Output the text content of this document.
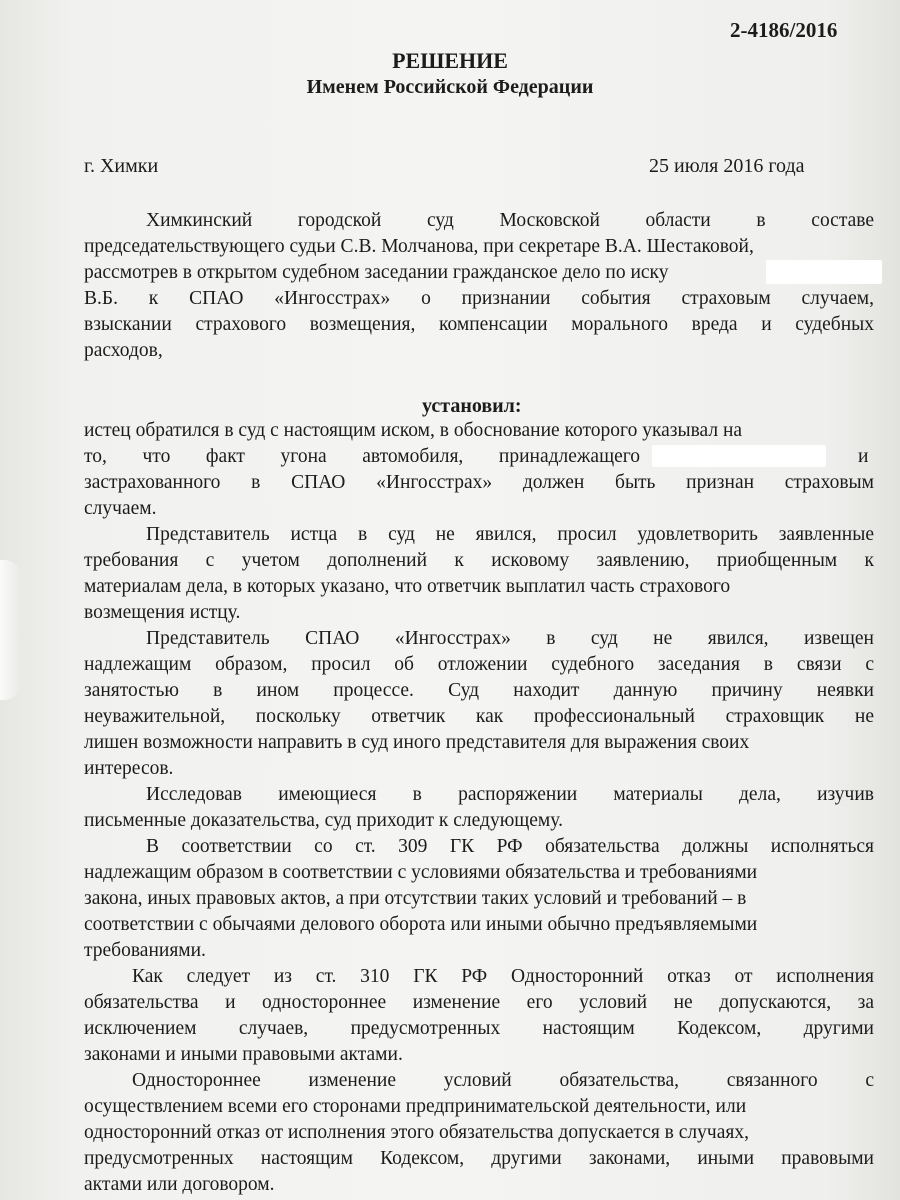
2-4186/2016
РЕШЕНИЕ
Именем Российской Федерации
г. Химки	25 июля 2016 года
Химкинский городской суд Московской области в составе
председательствующего судьи С.В. Молчанова, при секретаре В.А. Шестаковой,
рассмотрев в открытом судебном заседании гражданское дело по иску
В.Б. к СПАО «Ингосстрах» о признании события страховым случаем,
взыскании страхового возмещения, компенсации морального вреда и судебных
расходов,
установил:
истец обратился в суд с настоящим иском, в обоснование которого указывал на
то, что факт угона автомобиля, принадлежащего	и
застрахованного в СПАО «Ингосстрах» должен быть признан страховым
случаем.
Представитель истца в суд не явился, просил удовлетворить заявленные
требования с учетом дополнений к исковому заявлению, приобщенным к
материалам дела, в которых указано, что ответчик выплатил часть страхового
возмещения истцу.
Представитель СПАО «Ингосстрах» в суд не явился, извещен
надлежащим образом, просил об отложении судебного заседания в связи с
занятостью в ином процессе. Суд находит данную причину неявки
неуважительной, поскольку ответчик как профессиональный страховщик не
лишен возможности направить в суд иного представителя для выражения своих
интересов.
Исследовав имеющиеся в распоряжении материалы дела, изучив
письменные доказательства, суд приходит к следующему.
В соответствии со ст. 309 ГК РФ обязательства должны исполняться
надлежащим образом в соответствии с условиями обязательства и требованиями
закона, иных правовых актов, а при отсутствии таких условий и требований – в
соответствии с обычаями делового оборота или иными обычно предъявляемыми
требованиями.
Как следует из ст. 310 ГК РФ Односторонний отказ от исполнения
обязательства и одностороннее изменение его условий не допускаются, за
исключением случаев, предусмотренных настоящим Кодексом, другими
законами и иными правовыми актами.
Одностороннее изменение условий обязательства, связанного с
осуществлением всеми его сторонами предпринимательской деятельности, или
односторонний отказ от исполнения этого обязательства допускается в случаях,
предусмотренных настоящим Кодексом, другими законами, иными правовыми
актами или договором.
